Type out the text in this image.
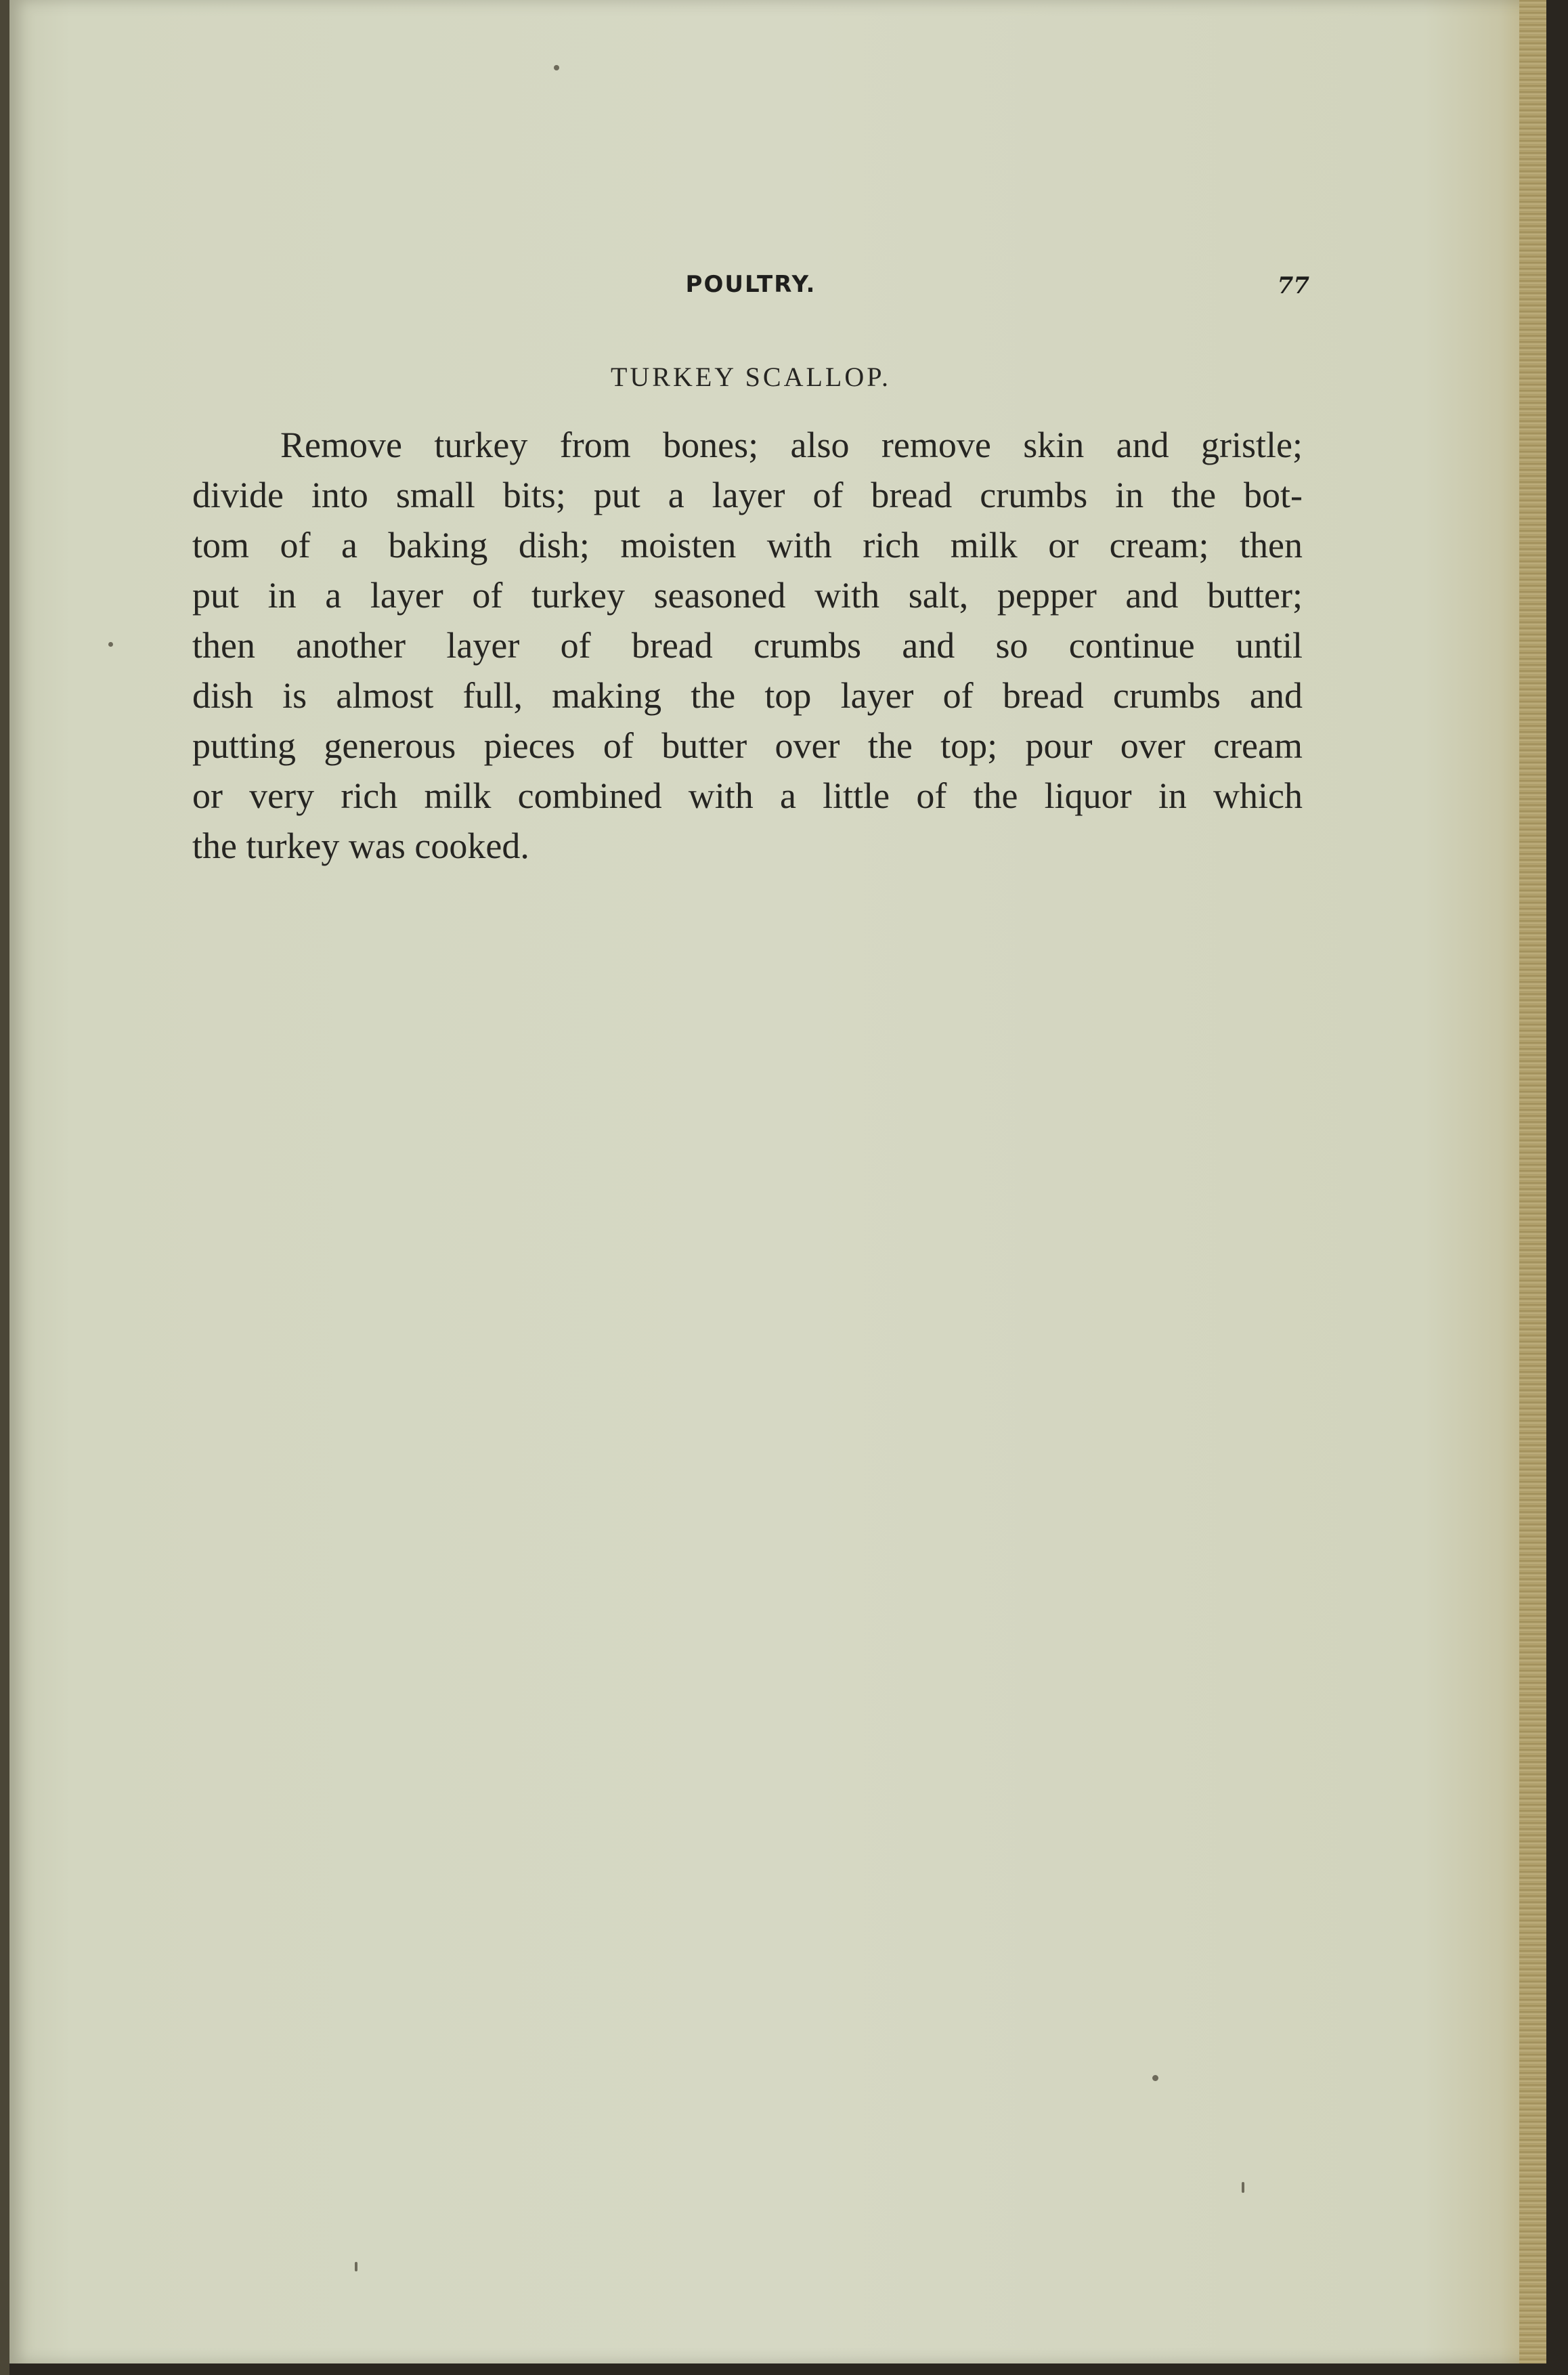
POULTRY.	77
TURKEY SCALLOP.

Remove turkey from bones; also remove skin and gristle;
divide into small bits; put a layer of bread crumbs in the bot-
tom of a baking dish; moisten with rich milk or cream; then
put in a layer of turkey seasoned with salt, pepper and butter;
then another layer of bread crumbs and so continue until
dish is almost full, making the top layer of bread crumbs and
putting generous pieces of butter over the top; pour over cream
or very rich milk combined with a little of the liquor in which
the turkey was cooked.
